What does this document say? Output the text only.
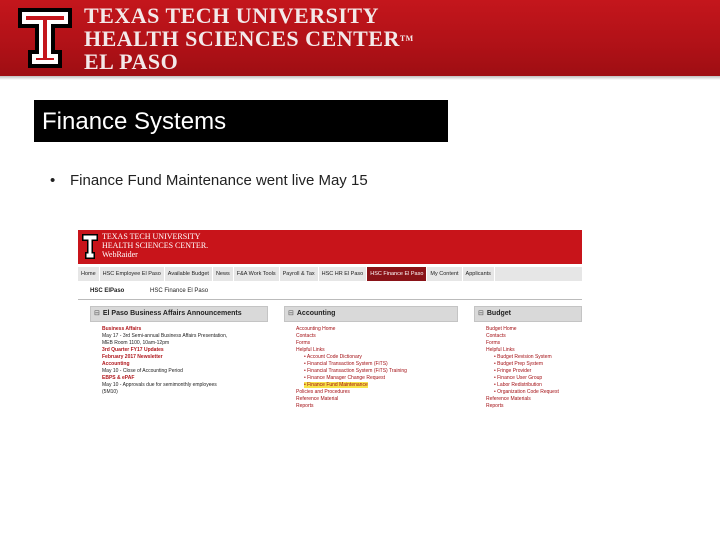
TEXAS TECH UNIVERSITY
HEALTH SCIENCES CENTER™
EL PASO
Finance Systems
• Finance Fund Maintenance went live May 15
TEXAS TECH UNIVERSITY
HEALTH SCIENCES CENTER.
WebRaider
Home	HSC Employee El Paso	Available Budget	News	F&A Work Tools	Payroll & Tax	HSC HR El Paso	HSC Finance El Paso	My Content	Applicants
HSC ElPaso	HSC Finance El Paso
⊟ El Paso Business Affairs Announcements
Business Affairs
May 17 - 3rd Semi-annual Business Affairs Presentation,
MEB Room 1100, 10am-12pm
3rd Quarter FY17 Updates
February 2017 Newsletter
Accounting
May 10 - Close of Accounting Period
EBPS & ePAF
May 10 - Approvals due for semimonthly employees
(5M10)
⊟ Accounting
Accounting Home
Contacts
Forms
Helpful Links
• Account Code Dictionary
• Financial Transaction System (FiTS)
• Financial Transaction System (FiTS) Training
• Finance Manager Change Request
• Finance Fund Maintenance
Policies and Procedures
Reference Material
Reports
⊟ Budget
Budget Home
Contacts
Forms
Helpful Links
• Budget Revision System
• Budget Prep System
• Fringe Provider
• Finance User Group
• Labor Redistribution
• Organization Code Request
Reference Materials
Reports
